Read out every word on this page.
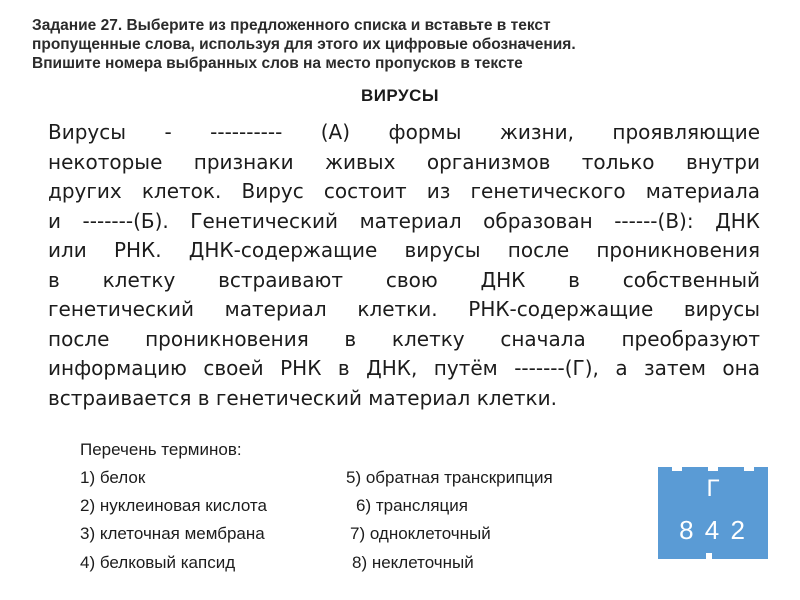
Задание 27. Выберите из предложенного списка и вставьте в текст
пропущенные слова, используя для этого их цифровые обозначения.
Впишите номера выбранных слов на место пропусков в тексте
ВИРУСЫ
Вирусы - ---------- (А) формы жизни, проявляющие
некоторые признаки живых организмов только внутри
других клеток. Вирус состоит из генетического материала
и -------(Б). Генетический материал образован ------(В): ДНК
или РНК. ДНК-содержащие вирусы после проникновения
в клетку встраивают свою ДНК в собственный
генетический материал клетки. РНК-содержащие вирусы
после проникновения в клетку сначала преобразуют
информацию своей РНК в ДНК, путём -------(Г), а затем она
встраивается в генетический материал клетки.
Перечень терминов:
1) белок
2) нуклеиновая кислота
3) клеточная мембрана
4) белковый капсид
5) обратная транскрипция
6) трансляция
7) одноклеточный
8) неклеточный
Г
8 4 2
